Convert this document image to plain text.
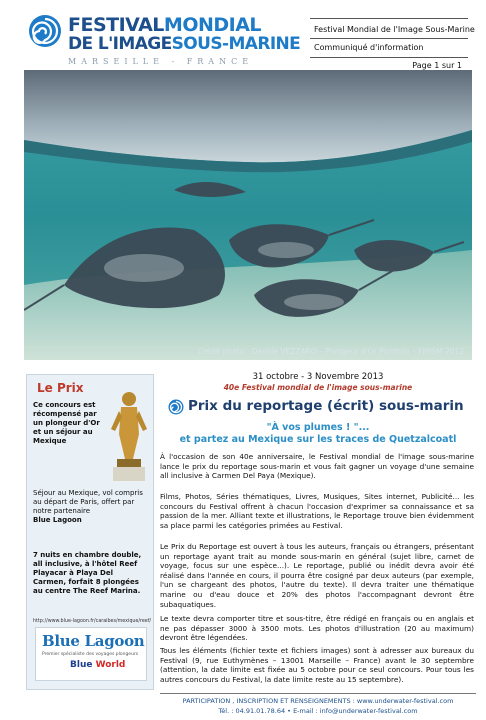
FESTIVALMONDIAL
DE L'IMAGESOUS-MARINE
MARSEILLE - FRANCE
Festival Mondial de l'Image Sous-Marine
Communiqué d'information
Page 1 sur 1
Crédit photo : Davide VEZZARO – Plongeur d'Or Portfolio – FMISM 2012
Le Prix
Ce concours est récompensé par un plongeur d'Or et un séjour au Mexique
Séjour au Mexique, vol compris au départ de Paris, offert par notre partenaire
Blue Lagoon
7 nuits en chambre double, all inclusive, à l'hôtel Reef Playacar à Playa Del Carmen, forfait 8 plongées au centre The Reef Marina.
http://www.blue-lagoon.fr/caraibes/mexique/reef/
Blue Lagoon
Premier spécialiste des voyages plongeurs
Blue World
31 octobre - 3 Novembre 2013
40e Festival mondial de l'image sous-marine
Prix du reportage (écrit) sous-marin
"À vos plumes ! "...
et partez au Mexique sur les traces de Quetzalcoatl
À l'occasion de son 40e anniversaire, le Festival mondial de l'image sous-marine lance le prix du reportage sous-marin et vous fait gagner un voyage d'une semaine all inclusive à Carmen Del Paya (Mexique).
Films, Photos, Séries thématiques, Livres, Musiques, Sites internet, Publicité... les concours du Festival offrent à chacun l'occasion d'exprimer sa connaissance et sa passion de la mer. Alliant texte et illustrations, le Reportage trouve bien évidemment sa place parmi les catégories primées au Festival.
Le Prix du Reportage est ouvert à tous les auteurs, français ou étrangers, présentant un reportage ayant trait au monde sous-marin en général (sujet libre, carnet de voyage, focus sur une espèce...). Le reportage, publié ou inédit devra avoir été réalisé dans l'année en cours, il pourra être cosigné par deux auteurs (par exemple, l'un se chargeant des photos, l'autre du texte). Il devra traiter une thématique marine ou d'eau douce et 20% des photos l'accompagnant devront être subaquatiques.
Le texte devra comporter titre et sous-titre, être rédigé en français ou en anglais et ne pas dépasser 3000 à 3500 mots. Les photos d'illustration (20 au maximum) devront être légendées.
Tous les éléments (fichier texte et fichiers images) sont à adresser aux bureaux du Festival (9, rue Euthymènes – 13001 Marseille – France) avant le 30 septembre (attention, la date limite est fixée au 5 octobre pour ce seul concours. Pour tous les autres concours du Festival, la date limite reste au 15 septembre).
PARTICIPATION , INSCRIPTION ET RENSEIGNEMENTS : www.underwater-festival.com
Tél. : 04.91.01.78.64 • E-mail : info@underwater-festival.com
